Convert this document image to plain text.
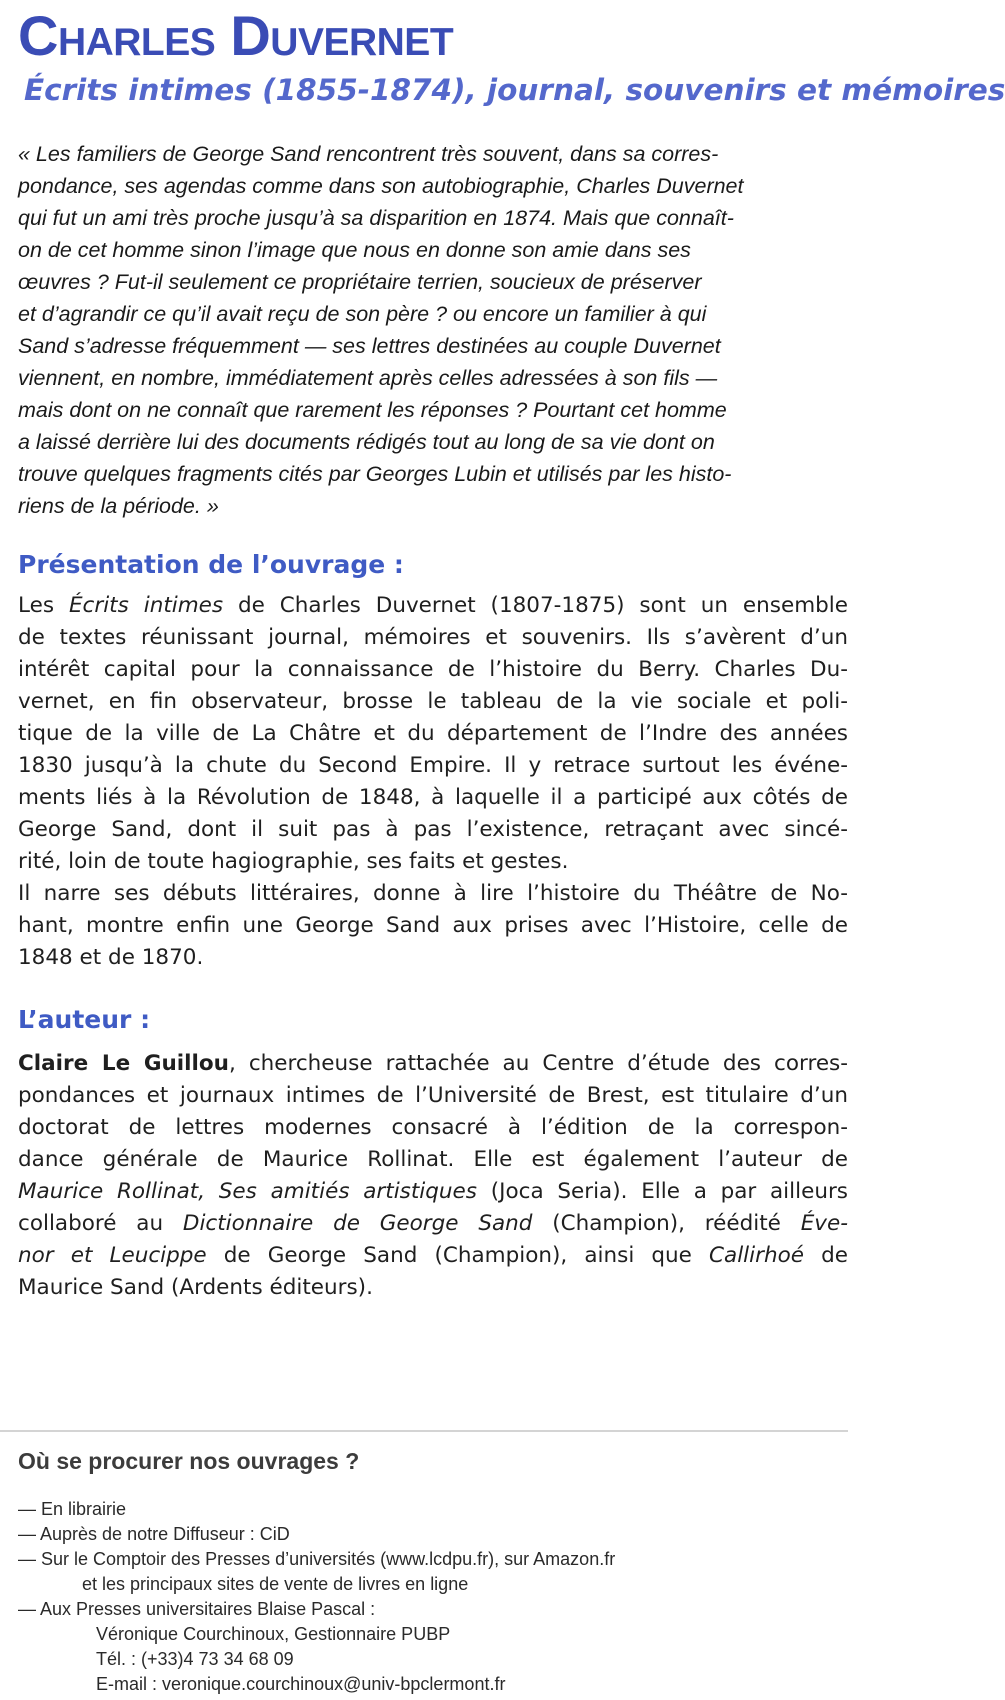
Charles Duvernet
Écrits intimes (1855-1874), journal, souvenirs et mémoires
« Les familiers de George Sand rencontrent très souvent, dans sa corres-
pondance, ses agendas comme dans son autobiographie, Charles Duvernet
qui fut un ami très proche jusqu’à sa disparition en 1874. Mais que connaît-
on de cet homme sinon l’image que nous en donne son amie dans ses
œuvres ? Fut-il seulement ce propriétaire terrien, soucieux de préserver
et d’agrandir ce qu’il avait reçu de son père ? ou encore un familier à qui
Sand s’adresse fréquemment — ses lettres destinées au couple Duvernet
viennent, en nombre, immédiatement après celles adressées à son fils —
mais dont on ne connaît que rarement les réponses ? Pourtant cet homme
a laissé derrière lui des documents rédigés tout au long de sa vie dont on
trouve quelques fragments cités par Georges Lubin et utilisés par les histo-
riens de la période. »
Présentation de l’ouvrage :
Les Écrits intimes de Charles Duvernet (1807-1875) sont un ensemble
de textes réunissant journal, mémoires et souvenirs. Ils s’avèrent d’un
intérêt capital pour la connaissance de l’histoire du Berry. Charles Du-
vernet, en fin observateur, brosse le tableau de la vie sociale et poli-
tique de la ville de La Châtre et du département de l’Indre des années
1830 jusqu’à la chute du Second Empire. Il y retrace surtout les événe-
ments liés à la Révolution de 1848, à laquelle il a participé aux côtés de
George Sand, dont il suit pas à pas l’existence, retraçant avec sincé-
rité, loin de toute hagiographie, ses faits et gestes.
Il narre ses débuts littéraires, donne à lire l’histoire du Théâtre de No-
hant, montre enfin une George Sand aux prises avec l’Histoire, celle de
1848 et de 1870.
L’auteur :
Claire Le Guillou, chercheuse rattachée au Centre d’étude des corres-
pondances et journaux intimes de l’Université de Brest, est titulaire d’un
doctorat de lettres modernes consacré à l’édition de la correspon-
dance générale de Maurice Rollinat. Elle est également l’auteur de
Maurice Rollinat, Ses amitiés artistiques (Joca Seria). Elle a par ailleurs
collaboré au Dictionnaire de George Sand (Champion), réédité Éve-
nor et Leucippe de George Sand (Champion), ainsi que Callirhoé de
Maurice Sand (Ardents éditeurs).
Où se procurer nos ouvrages ?
— En librairie
— Auprès de notre Diffuseur : CiD
— Sur le Comptoir des Presses d’universités (www.lcdpu.fr), sur Amazon.fr
et les principaux sites de vente de livres en ligne
— Aux Presses universitaires Blaise Pascal :
Véronique Courchinoux, Gestionnaire PUBP
Tél. : (+33)4 73 34 68 09
E-mail : veronique.courchinoux@univ-bpclermont.fr
